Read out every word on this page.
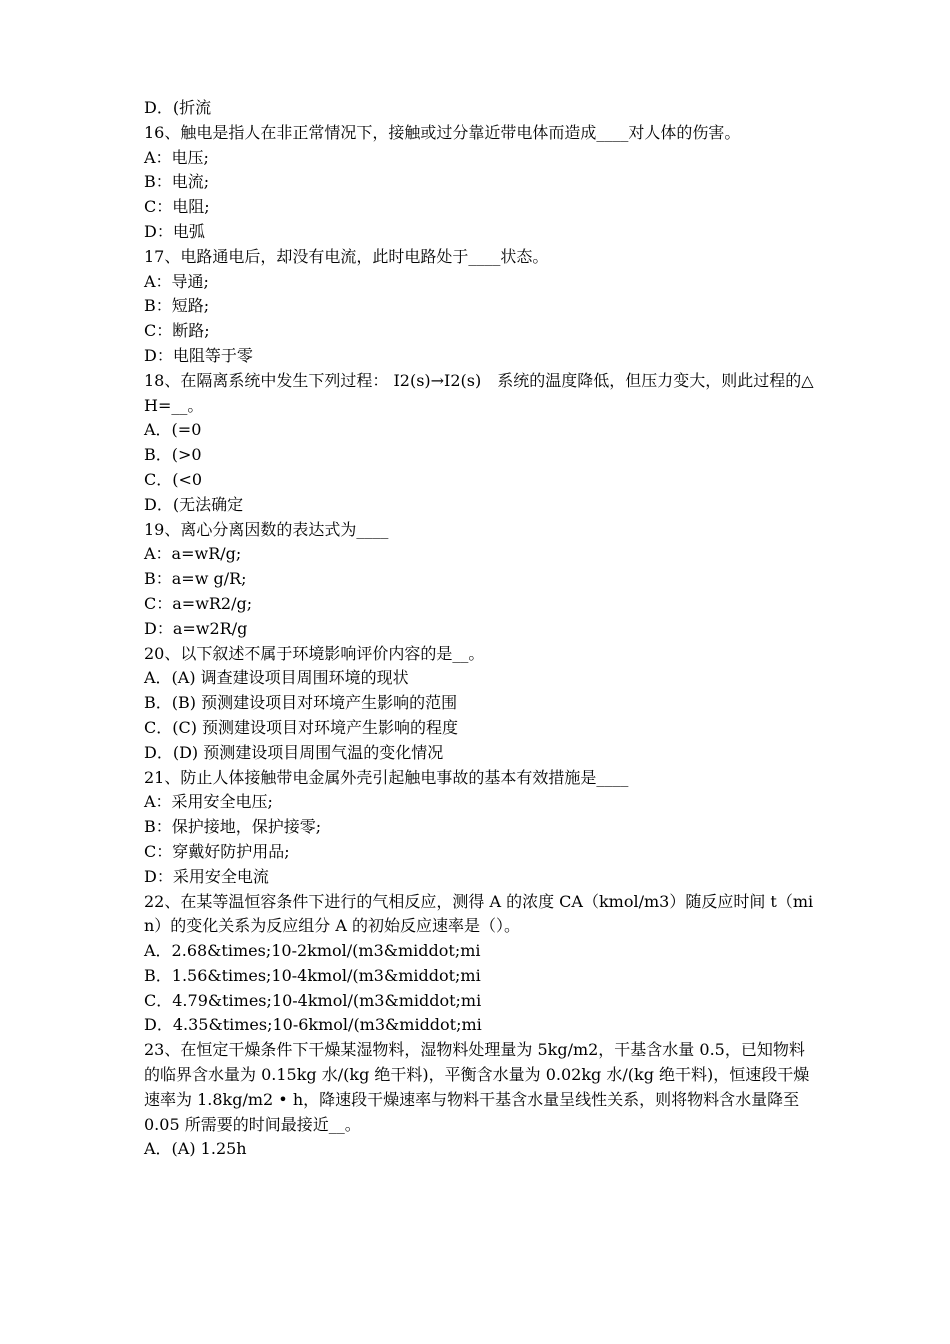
D．(折流
16、触电是指人在非正常情况下，接触或过分靠近带电体而造成____对人体的伤害。
A：电压;
B：电流;
C：电阻;
D：电弧
17、电路通电后，却没有电流，此时电路处于____状态。
A：导通;
B：短路;
C：断路;
D：电阻等于零
18、在隔离系统中发生下列过程： I2(s)→I2(s)　系统的温度降低，但压力变大，则此过程的△H=__。
A．(=0
B．(>0
C．(<0
D．(无法确定
19、离心分离因数的表达式为____
A：a=wR/g;
B：a=w g/R;
C：a=wR2/g;
D：a=w2R/g
20、以下叙述不属于环境影响评价内容的是__。
A．(A) 调查建设项目周围环境的现状
B．(B) 预测建设项目对环境产生影响的范围
C．(C) 预测建设项目对环境产生影响的程度
D．(D) 预测建设项目周围气温的变化情况
21、防止人体接触带电金属外壳引起触电事故的基本有效措施是____
A：采用安全电压;
B：保护接地，保护接零;
C：穿戴好防护用品;
D：采用安全电流
22、在某等温恒容条件下进行的气相反应，测得 A 的浓度 CA（kmol/m3）随反应时间 t（min）的变化关系为反应组分 A 的初始反应速率是（）。
A．2.68&times;10-2kmol/(m3&middot;mi
B．1.56&times;10-4kmol/(m3&middot;mi
C．4.79&times;10-4kmol/(m3&middot;mi
D．4.35&times;10-6kmol/(m3&middot;mi
23、在恒定干燥条件下干燥某湿物料，湿物料处理量为 5kg/m2，干基含水量 0.5，已知物料的临界含水量为 0.15kg 水/(kg 绝干料)，平衡含水量为 0.02kg 水/(kg 绝干料)，恒速段干燥速率为 1.8kg/m2 • h，降速段干燥速率与物料干基含水量呈线性关系，则将物料含水量降至 0.05 所需要的时间最接近__。
A．(A) 1.25h
